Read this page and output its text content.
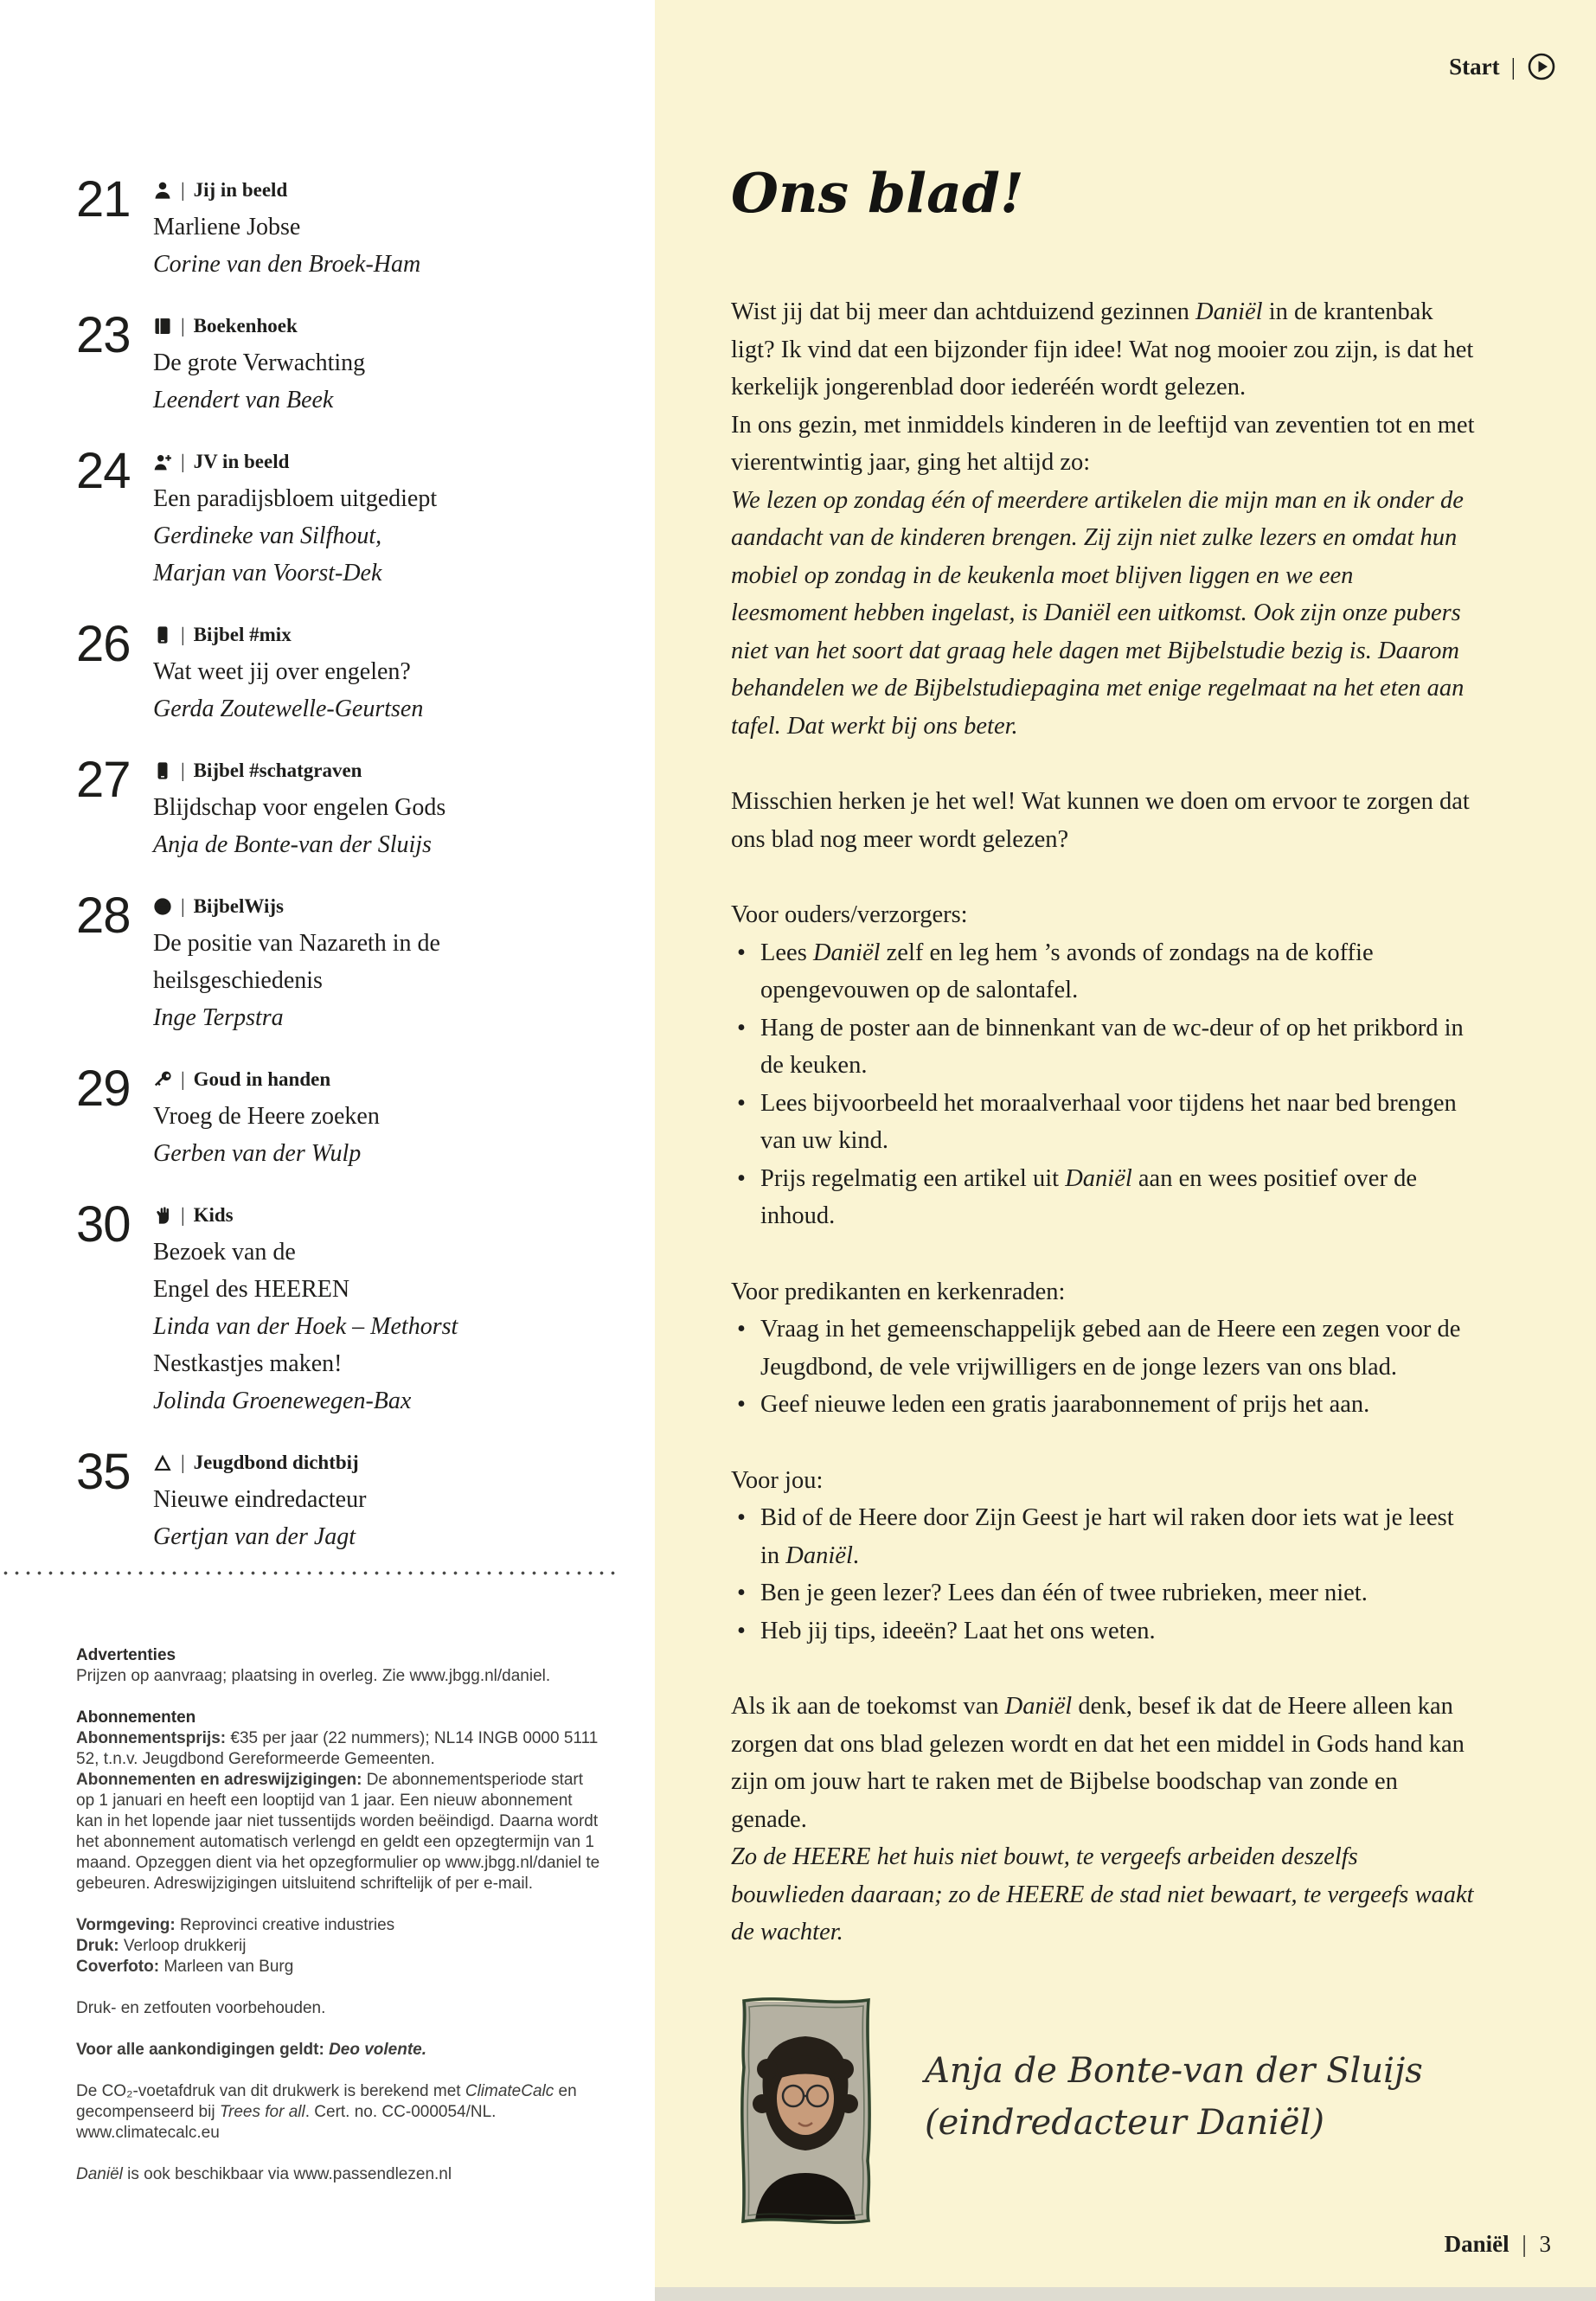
Start |
21	| Jij in beeld
Marliene Jobse
Corine van den Broek-Ham
23	| Boekenhoek
De grote Verwachting
Leendert van Beek
24	| JV in beeld
Een paradijsbloem uitgediept
Gerdineke van Silfhout,
Marjan van Voorst-Dek
26	| Bijbel #mix
Wat weet jij over engelen?
Gerda Zoutewelle-Geurtsen
27	| Bijbel #schatgraven
Blijdschap voor engelen Gods
Anja de Bonte-van der Sluijs
28	| BijbelWijs
De positie van Nazareth in de
heilsgeschiedenis
Inge Terpstra
29	| Goud in handen
Vroeg de Heere zoeken
Gerben van der Wulp
30	| Kids
Bezoek van de
Engel des HEEREN
Linda van der Hoek – Methorst
Nestkastjes maken!
Jolinda Groenewegen-Bax
35	| Jeugdbond dichtbij
Nieuwe eindredacteur
Gertjan van der Jagt
Advertenties
Prijzen op aanvraag; plaatsing in overleg. Zie www.jbgg.nl/daniel.
Abonnementen
Abonnementsprijs: €35 per jaar (22 nummers); NL14 INGB 0000 5111 52, t.n.v. Jeugdbond Gereformeerde Gemeenten.
Abonnementen en adreswijzigingen: De abonnementsperiode start op 1 januari en heeft een looptijd van 1 jaar. Een nieuw abonnement kan in het lopende jaar niet tussentijds worden beëindigd. Daarna wordt het abonnement automatisch verlengd en geldt een opzegtermijn van 1 maand. Opzeggen dient via het opzegformulier op www.jbgg.nl/daniel te gebeuren. Adreswijzigingen uitsluitend schriftelijk of per e-mail.
Vormgeving: Reprovinci creative industries
Druk: Verloop drukkerij
Coverfoto: Marleen van Burg
Druk- en zetfouten voorbehouden.
Voor alle aankondigingen geldt: Deo volente.
De CO₂-voetafdruk van dit drukwerk is berekend met ClimateCalc en gecompenseerd bij Trees for all. Cert. no. CC-000054/NL. www.climatecalc.eu
Daniël is ook beschikbaar via www.passendlezen.nl
Ons blad!

Wist jij dat bij meer dan achtduizend gezinnen Daniël in de krantenbak ligt? Ik vind dat een bijzonder fijn idee! Wat nog mooier zou zijn, is dat het kerkelijk jongerenblad door iederéén wordt gelezen.

In ons gezin, met inmiddels kinderen in de leeftijd van zeventien tot en met vierentwintig jaar, ging het altijd zo:

We lezen op zondag één of meerdere artikelen die mijn man en ik onder de aandacht van de kinderen brengen. Zij zijn niet zulke lezers en omdat hun mobiel op zondag in de keukenla moet blijven liggen en we een leesmoment hebben ingelast, is Daniël een uitkomst. Ook zijn onze pubers niet van het soort dat graag hele dagen met Bijbelstudie bezig is. Daarom behandelen we de Bijbelstudiepagina met enige regelmaat na het eten aan tafel. Dat werkt bij ons beter.

Misschien herken je het wel! Wat kunnen we doen om ervoor te zorgen dat ons blad nog meer wordt gelezen?

Voor ouders/verzorgers:

• Lees Daniël zelf en leg hem ’s avonds of zondags na de koffie opengevouwen op de salontafel.
• Hang de poster aan de binnenkant van de wc-deur of op het prikbord in de keuken.
• Lees bijvoorbeeld het moraalverhaal voor tijdens het naar bed brengen van uw kind.
• Prijs regelmatig een artikel uit Daniël aan en wees positief over de inhoud.

Voor predikanten en kerkenraden:

• Vraag in het gemeenschappelijk gebed aan de Heere een zegen voor de Jeugdbond, de vele vrijwilligers en de jonge lezers van ons blad.
• Geef nieuwe leden een gratis jaarabonnement of prijs het aan.

Voor jou:

• Bid of de Heere door Zijn Geest je hart wil raken door iets wat je leest in Daniël.
• Ben je geen lezer? Lees dan één of twee rubrieken, meer niet.
• Heb jij tips, ideeën? Laat het ons weten.

Als ik aan de toekomst van Daniël denk, besef ik dat de Heere alleen kan zorgen dat ons blad gelezen wordt en dat het een middel in Gods hand kan zijn om jouw hart te raken met de Bijbelse boodschap van zonde en genade.

Zo de HEERE het huis niet bouwt, te vergeefs arbeiden deszelfs bouwlieden daaraan; zo de HEERE de stad niet bewaart, te vergeefs waakt de wachter.

Anja de Bonte-van der Sluijs
(eindredacteur Daniël)
Daniël | 3
